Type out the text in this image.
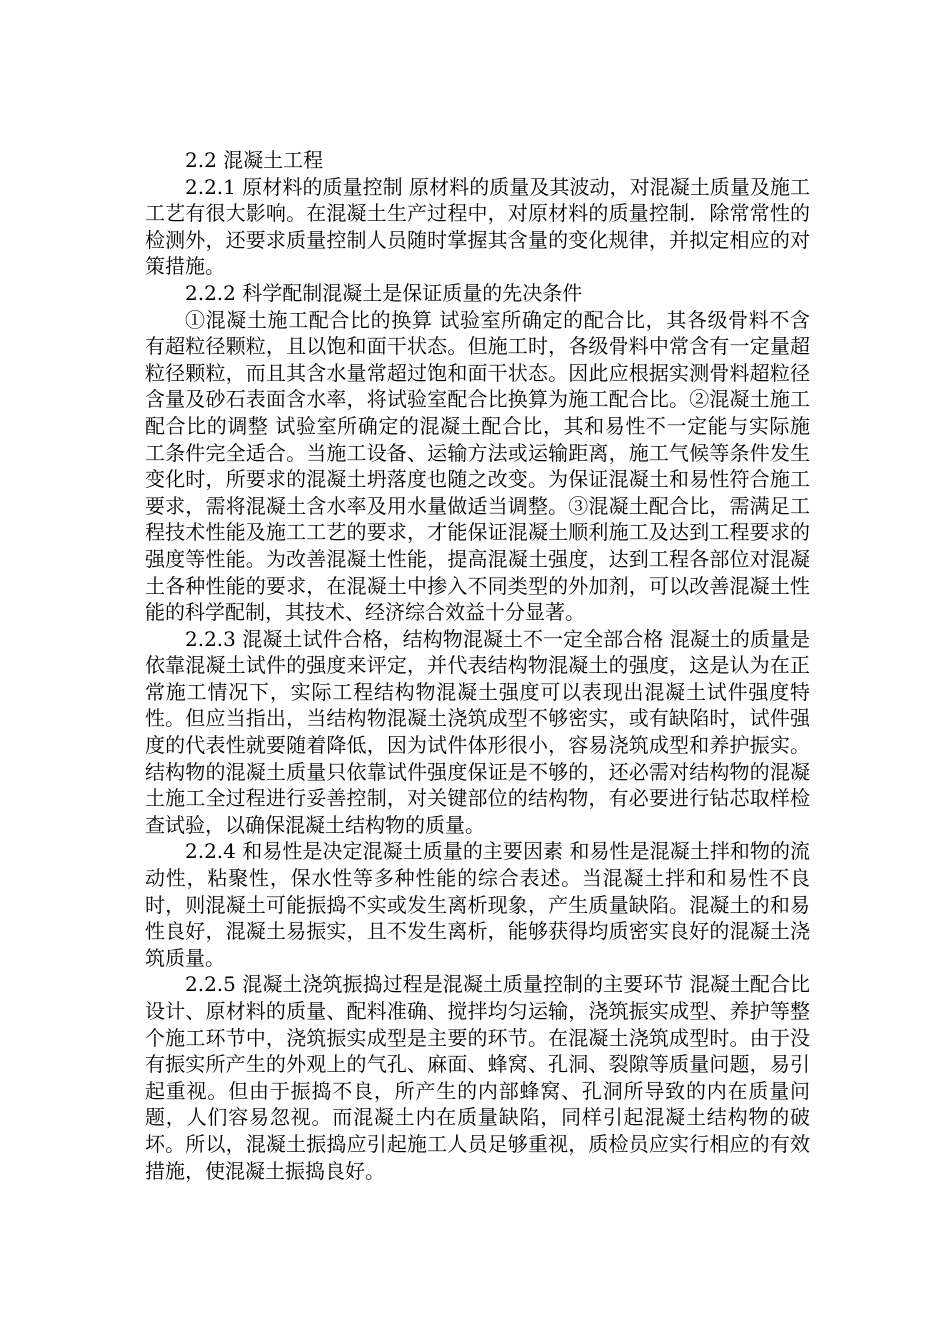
2.2 混凝土工程

2.2.1 原材料的质量控制 原材料的质量及其波动，对混凝土质量及施工工艺有很大影响。在混凝土生产过程中，对原材料的质量控制．除常常性的检测外，还要求质量控制人员随时掌握其含量的变化规律，并拟定相应的对策措施。

2.2.2 科学配制混凝土是保证质量的先决条件

①混凝土施工配合比的换算 试验室所确定的配合比，其各级骨料不含有超粒径颗粒，且以饱和面干状态。但施工时，各级骨料中常含有一定量超粒径颗粒，而且其含水量常超过饱和面干状态。因此应根据实测骨料超粒径含量及砂石表面含水率，将试验室配合比换算为施工配合比。②混凝土施工配合比的调整 试验室所确定的混凝土配合比，其和易性不一定能与实际施工条件完全适合。当施工设备、运输方法或运输距离，施工气候等条件发生变化时，所要求的混凝土坍落度也随之改变。为保证混凝土和易性符合施工要求，需将混凝土含水率及用水量做适当调整。③混凝土配合比，需满足工程技术性能及施工工艺的要求，才能保证混凝土顺利施工及达到工程要求的强度等性能。为改善混凝土性能，提高混凝土强度，达到工程各部位对混凝土各种性能的要求，在混凝土中掺入不同类型的外加剂，可以改善混凝土性能的科学配制，其技术、经济综合效益十分显著。

2.2.3 混凝土试件合格，结构物混凝土不一定全部合格 混凝土的质量是依靠混凝土试件的强度来评定，并代表结构物混凝土的强度，这是认为在正常施工情况下，实际工程结构物混凝土强度可以表现出混凝土试件强度特性。但应当指出，当结构物混凝土浇筑成型不够密实，或有缺陷时，试件强度的代表性就要随着降低，因为试件体形很小，容易浇筑成型和养护振实。结构物的混凝土质量只依靠试件强度保证是不够的，还必需对结构物的混凝土施工全过程进行妥善控制，对关键部位的结构物，有必要进行钻芯取样检查试验，以确保混凝土结构物的质量。

2.2.4 和易性是决定混凝土质量的主要因素 和易性是混凝土拌和物的流动性，粘聚性，保水性等多种性能的综合表述。当混凝土拌和和易性不良时，则混凝土可能振捣不实或发生离析现象，产生质量缺陷。混凝土的和易性良好，混凝土易振实，且不发生离析，能够获得均质密实良好的混凝土浇筑质量。

2.2.5 混凝土浇筑振捣过程是混凝土质量控制的主要环节 混凝土配合比设计、原材料的质量、配料准确、搅拌均匀运输，浇筑振实成型、养护等整个施工环节中，浇筑振实成型是主要的环节。在混凝土浇筑成型时。由于没有振实所产生的外观上的气孔、麻面、蜂窝、孔洞、裂隙等质量问题，易引起重视。但由于振捣不良，所产生的内部蜂窝、孔洞所导致的内在质量问题，人们容易忽视。而混凝土内在质量缺陷，同样引起混凝土结构物的破坏。所以，混凝土振捣应引起施工人员足够重视，质检员应实行相应的有效措施，使混凝土振捣良好。
